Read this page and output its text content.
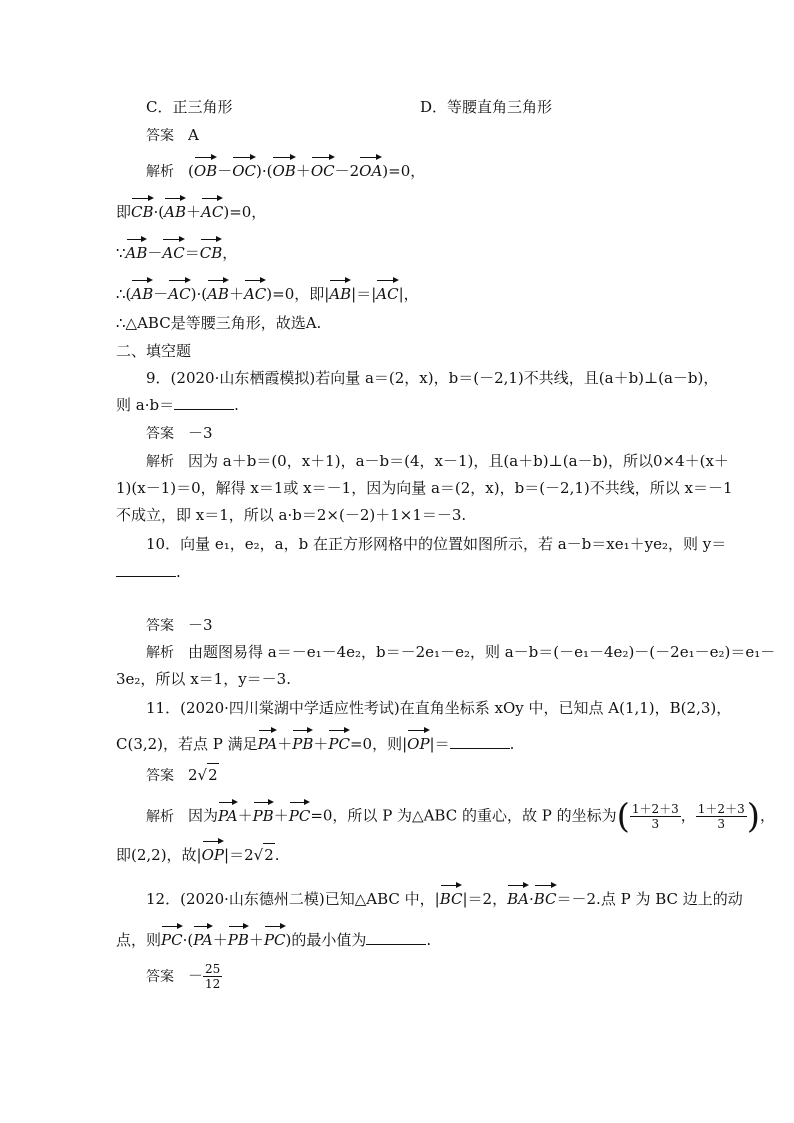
C．正三角形	D．等腰直角三角形
答案 A
解析 (OB－OC)·(OB＋OC－2OA)=0，
即CB·(AB＋AC)=0，
∵AB－AC＝CB，
∴(AB－AC)·(AB＋AC)=0，即|AB|＝|AC|，
∴△ABC是等腰三角形，故选A.
二、填空题
9．(2020·山东栖霞模拟)若向量 a＝(2，x)，b＝(－2,1)不共线，且(a＋b)⊥(a－b)，
则 a·b＝	.
答案 －3
解析 因为 a＋b＝(0，x＋1)，a－b＝(4，x－1)，且(a＋b)⊥(a－b)，所以0×4＋(x＋
1)(x－1)＝0，解得 x＝1或 x＝－1，因为向量 a＝(2，x)，b＝(－2,1)不共线，所以 x＝－1
不成立，即 x＝1，所以 a·b＝2×(－2)＋1×1＝－3.
10．向量 e₁，e₂，a，b 在正方形网格中的位置如图所示，若 a－b＝xe₁＋ye₂，则 y＝
.
答案 －3
解析 由题图易得 a＝－e₁－4e₂，b＝－2e₁－e₂，则 a－b＝(－e₁－4e₂)－(－2e₁－e₂)＝e₁－
3e₂，所以 x＝1，y＝－3.
11．(2020·四川棠湖中学适应性考试)在直角坐标系 xOy 中，已知点 A(1,1)，B(2,3)，
C(3,2)，若点 P 满足PA＋PB＋PC=0，则|OP|＝	.
答案 2√2
解析 因为PA＋PB＋PC=0，所以 P 为△ABC 的重心，故 P 的坐标为( $\frac{1+2+3}{3}$ ， $\frac{1+2+3}{3}$ )，
即(2,2)，故|OP|＝2√2.
12．(2020·山东德州二模)已知△ABC 中，|BC|＝2，BA·BC＝－2.点 P 为 BC 边上的动
点，则PC·(PA＋PB＋PC)的最小值为	.
答案 － $\frac{25}{12}$
